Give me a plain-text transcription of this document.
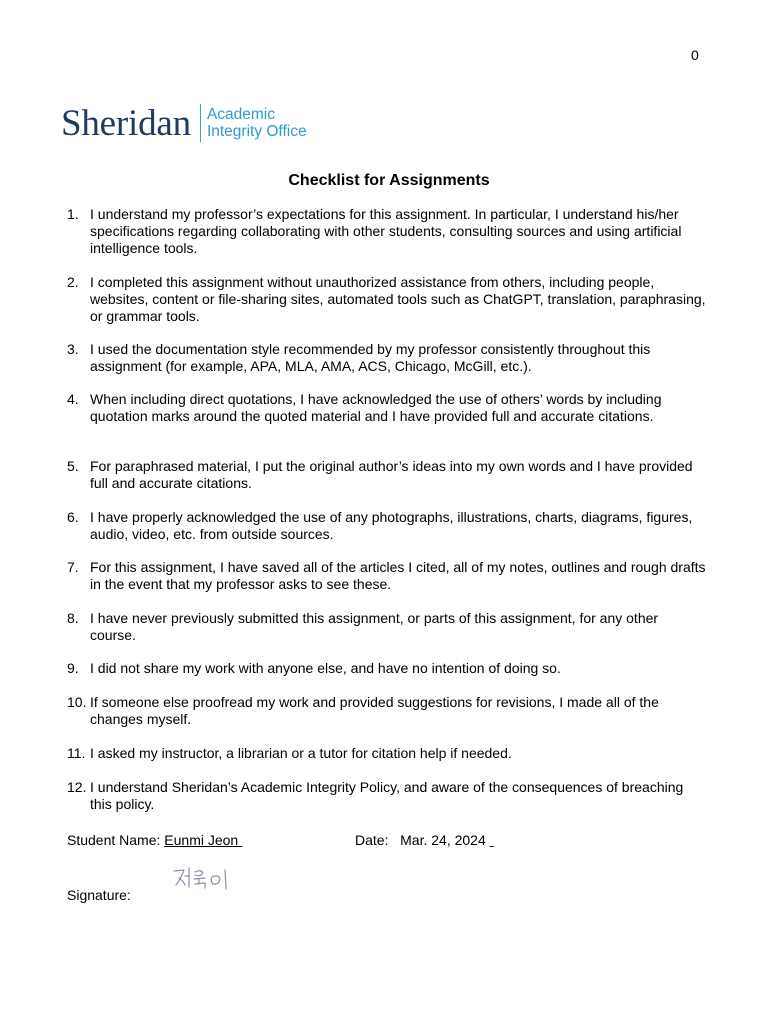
0
Sheridan Academic
Integrity Office
Checklist for Assignments
1. I understand my professor’s expectations for this assignment. In particular, I understand his/her specifications regarding collaborating with other students, consulting sources and using artificial intelligence tools.
2. I completed this assignment without unauthorized assistance from others, including people, websites, content or file-sharing sites, automated tools such as ChatGPT, translation, paraphrasing, or grammar tools.
3. I used the documentation style recommended by my professor consistently throughout this assignment (for example, APA, MLA, AMA, ACS, Chicago, McGill, etc.).
4. When including direct quotations, I have acknowledged the use of others’ words by including quotation marks around the quoted material and I have provided full and accurate citations.
5. For paraphrased material, I put the original author’s ideas into my own words and I have provided full and accurate citations.
6. I have properly acknowledged the use of any photographs, illustrations, charts, diagrams, figures, audio, video, etc. from outside sources.
7. For this assignment, I have saved all of the articles I cited, all of my notes, outlines and rough drafts in the event that my professor asks to see these.
8. I have never previously submitted this assignment, or parts of this assignment, for any other course.
9. I did not share my work with anyone else, and have no intention of doing so.
10. If someone else proofread my work and provided suggestions for revisions, I made all of the changes myself.
11. I asked my instructor, a librarian or a tutor for citation help if needed.
12. I understand Sheridan’s Academic Integrity Policy, and aware of the consequences of breaching this policy.
Student Name: Eunmi Jeon	Date: Mar. 24, 2024
Signature:
